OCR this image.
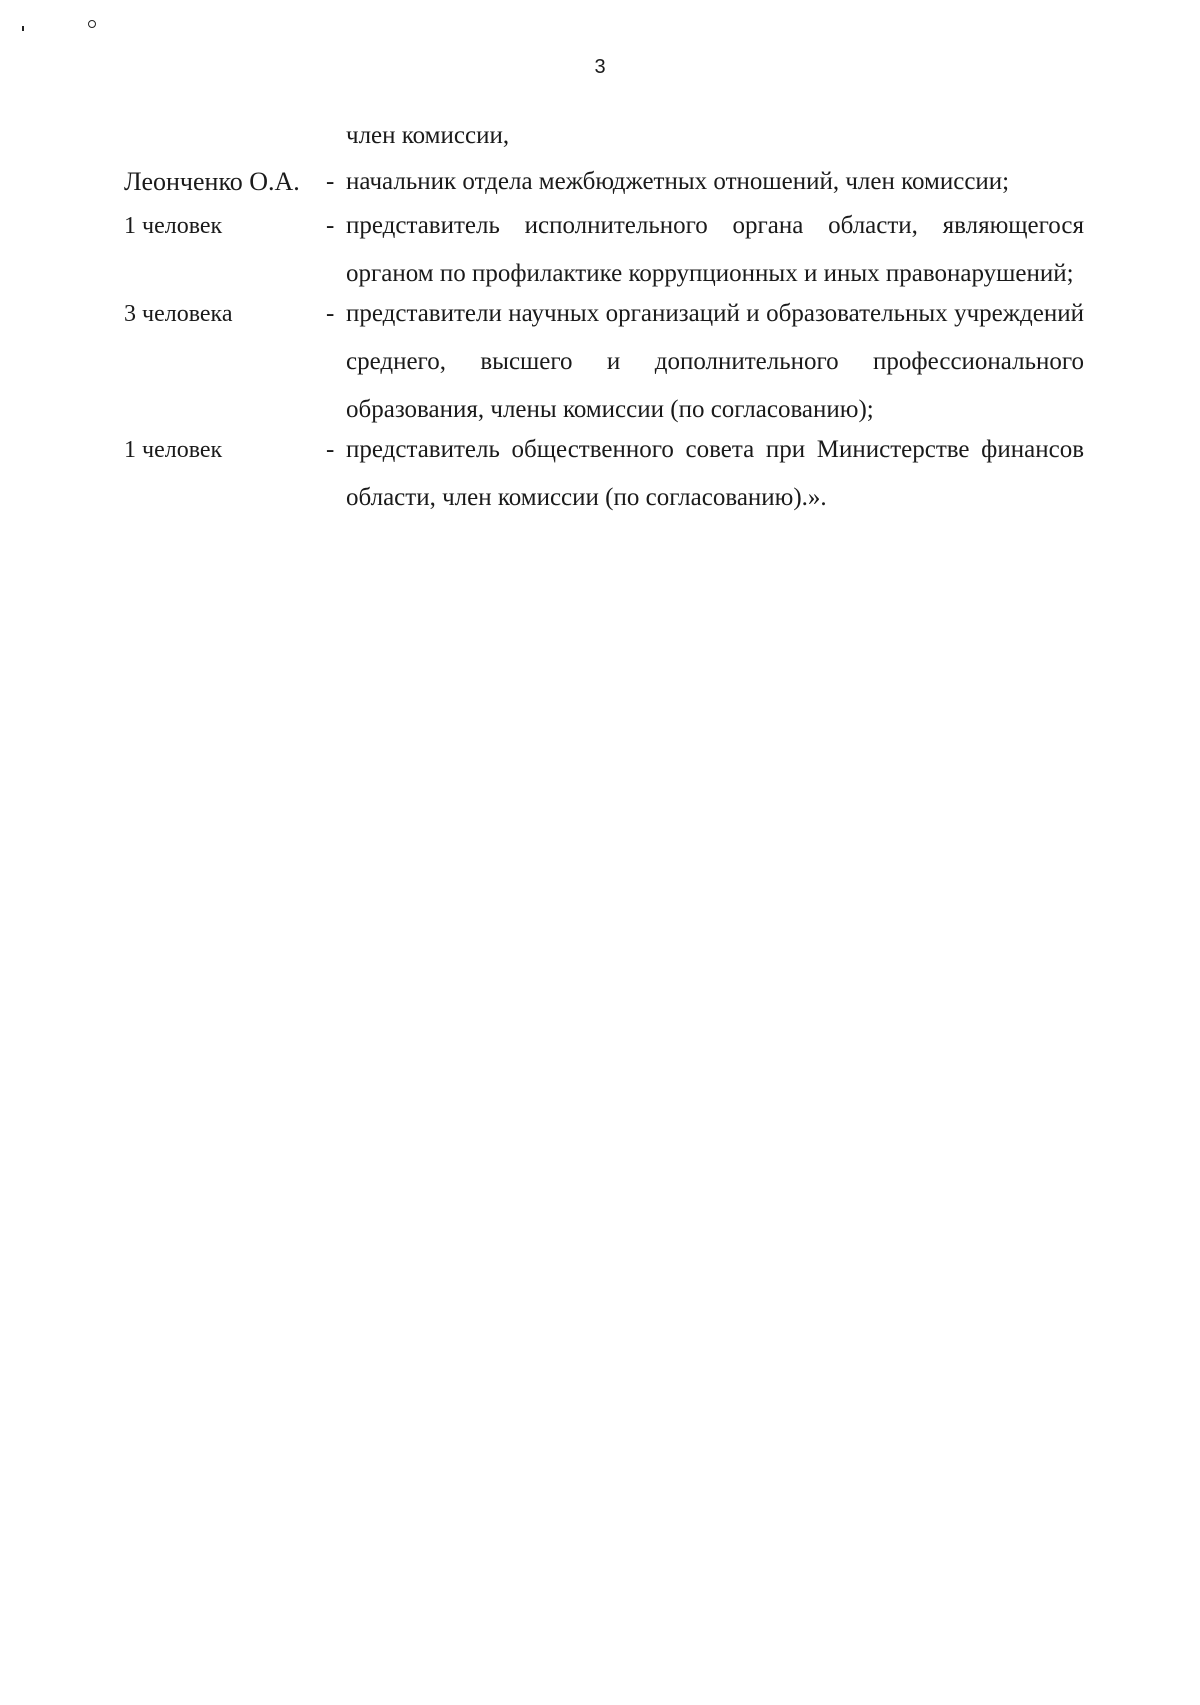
3
член комиссии,
Леонченко О.А.	- начальник отдела межбюджетных отношений, член комиссии;
1 человек	- представитель исполнительного органа области, являющегося органом по профилактике коррупционных и иных правонарушений;
3 человека	- представители научных организаций и образовательных учреждений среднего, высшего и дополнительного профессионального образования, члены комиссии (по согласованию);
1 человек	- представитель общественного совета при Министерстве финансов области, член комиссии (по согласованию).».
